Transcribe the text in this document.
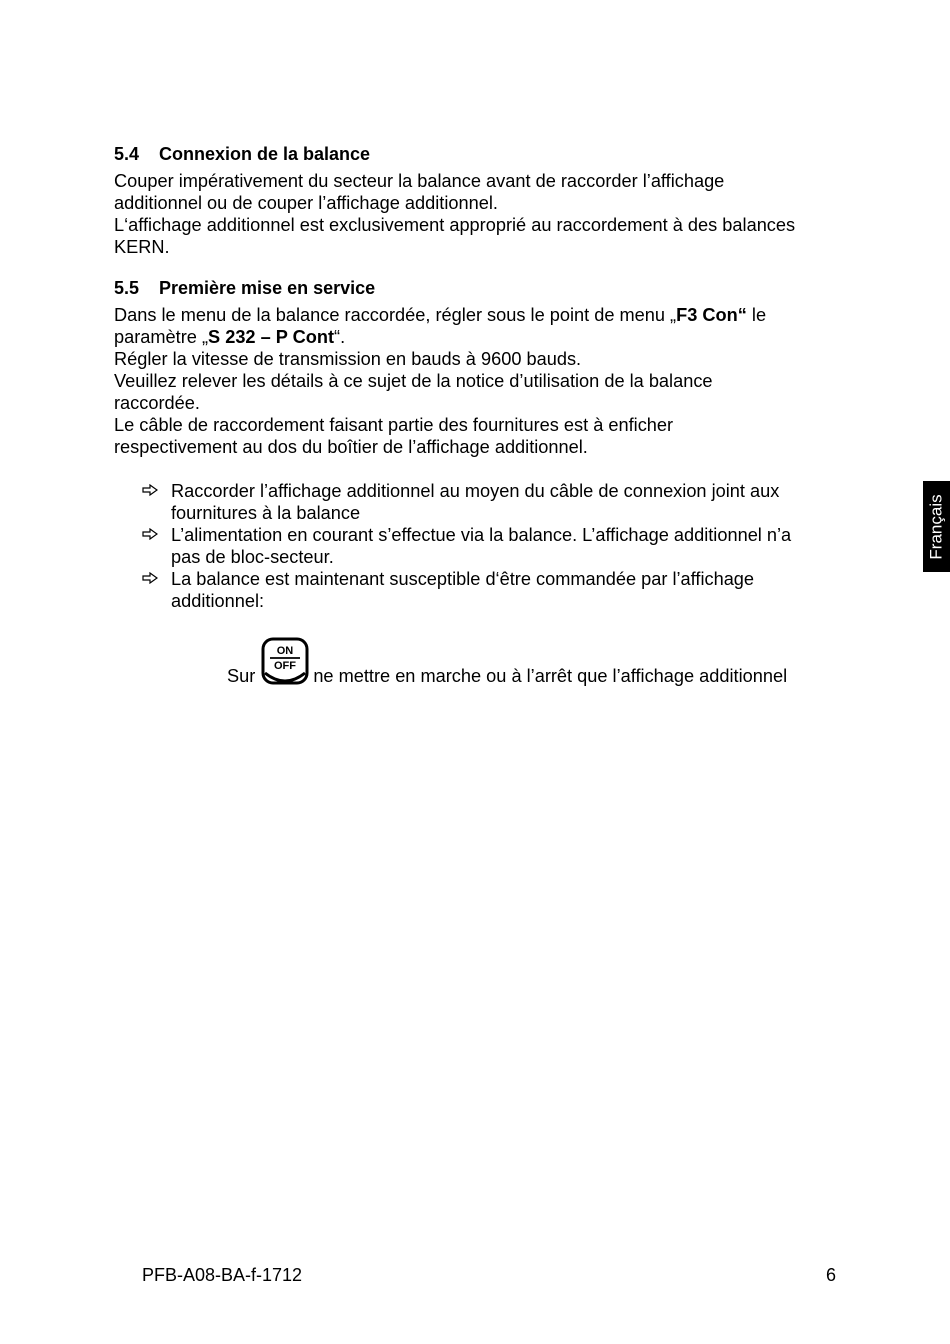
5.4 Connexion de la balance

Couper impérativement du secteur la balance avant de raccorder l’affichage

additionnel ou de couper l’affichage additionnel.

L‘affichage additionnel est exclusivement approprié au raccordement à des balances

KERN.

5.5 Première mise en service

Dans le menu de la balance raccordée, régler sous le point de menu „F3 Con“ le

paramètre „S 232 – P Cont“.

Régler la vitesse de transmission en bauds à 9600 bauds.

Veuillez relever les détails à ce sujet de la notice d’utilisation de la balance

raccordée.

Le câble de raccordement faisant partie des fournitures est à enficher

respectivement au dos du boîtier de l’affichage additionnel.

Raccorder l’affichage additionnel au moyen du câble de connexion joint aux
fournitures à la balance
L’alimentation en courant s’effectue via la balance. L’affichage additionnel n’a
pas de bloc-secteur.
La balance est maintenant susceptible d‘être commandée par l’affichage
additionnel:
Sur
ON
OFF ne mettre en marche ou à l’arrêt que l’affichage additionnel
Français
PFB-A08-BA-f-1712	6
